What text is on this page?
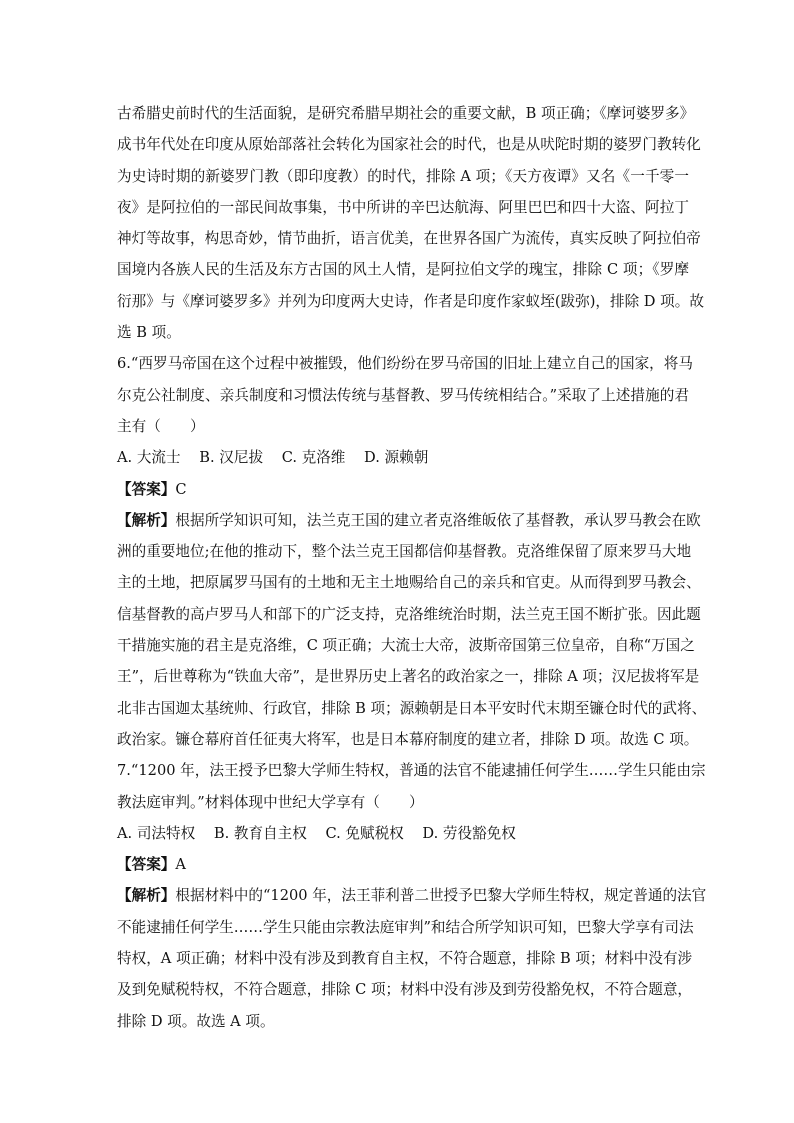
古希腊史前时代的生活面貌，是研究希腊早期社会的重要文献，B 项正确；《摩诃婆罗多》
成书年代处在印度从原始部落社会转化为国家社会的时代，也是从吠陀时期的婆罗门教转化
为史诗时期的新婆罗门教（即印度教）的时代，排除 A 项；《天方夜谭》又名《一千零一
夜》是阿拉伯的一部民间故事集，书中所讲的辛巴达航海、阿里巴巴和四十大盗、阿拉丁
神灯等故事，构思奇妙，情节曲折，语言优美，在世界各国广为流传，真实反映了阿拉伯帝
国境内各族人民的生活及东方古国的风土人情，是阿拉伯文学的瑰宝，排除 C 项；《罗摩
衍那》与《摩诃婆罗多》并列为印度两大史诗，作者是印度作家蚁垤(跋弥)，排除 D 项。故
选 B 项。
6.“西罗马帝国在这个过程中被摧毁，他们纷纷在罗马帝国的旧址上建立自己的国家，将马
尔克公社制度、亲兵制度和习惯法传统与基督教、罗马传统相结合。”采取了上述措施的君
主有（　　）
A. 大流士 B. 汉尼拔 C. 克洛维 D. 源赖朝
【答案】C
【解析】根据所学知识可知，法兰克王国的建立者克洛维皈依了基督教，承认罗马教会在欧
洲的重要地位;在他的推动下，整个法兰克王国都信仰基督教。克洛维保留了原来罗马大地
主的土地，把原属罗马国有的土地和无主土地赐给自己的亲兵和官吏。从而得到罗马教会、
信基督教的高卢罗马人和部下的广泛支持，克洛维统治时期，法兰克王国不断扩张。因此题
干措施实施的君主是克洛维，C 项正确；大流士大帝，波斯帝国第三位皇帝，自称“万国之
王”，后世尊称为“铁血大帝”，是世界历史上著名的政治家之一，排除 A 项；汉尼拔将军是
北非古国迦太基统帅、行政官，排除 B 项；源赖朝是日本平安时代末期至镰仓时代的武将、
政治家。镰仓幕府首任征夷大将军，也是日本幕府制度的建立者，排除 D 项。故选 C 项。
7.“1200 年，法王授予巴黎大学师生特权，普通的法官不能逮捕任何学生……学生只能由宗
教法庭审判。”材料体现中世纪大学享有（　　）
A. 司法特权 B. 教育自主权 C. 免赋税权 D. 劳役豁免权
【答案】A
【解析】根据材料中的“1200 年，法王菲利普二世授予巴黎大学师生特权，规定普通的法官
不能逮捕任何学生……学生只能由宗教法庭审判”和结合所学知识可知，巴黎大学享有司法
特权，A 项正确；材料中没有涉及到教育自主权，不符合题意，排除 B 项；材料中没有涉
及到免赋税特权，不符合题意，排除 C 项；材料中没有涉及到劳役豁免权，不符合题意，
排除 D 项。故选 A 项。
